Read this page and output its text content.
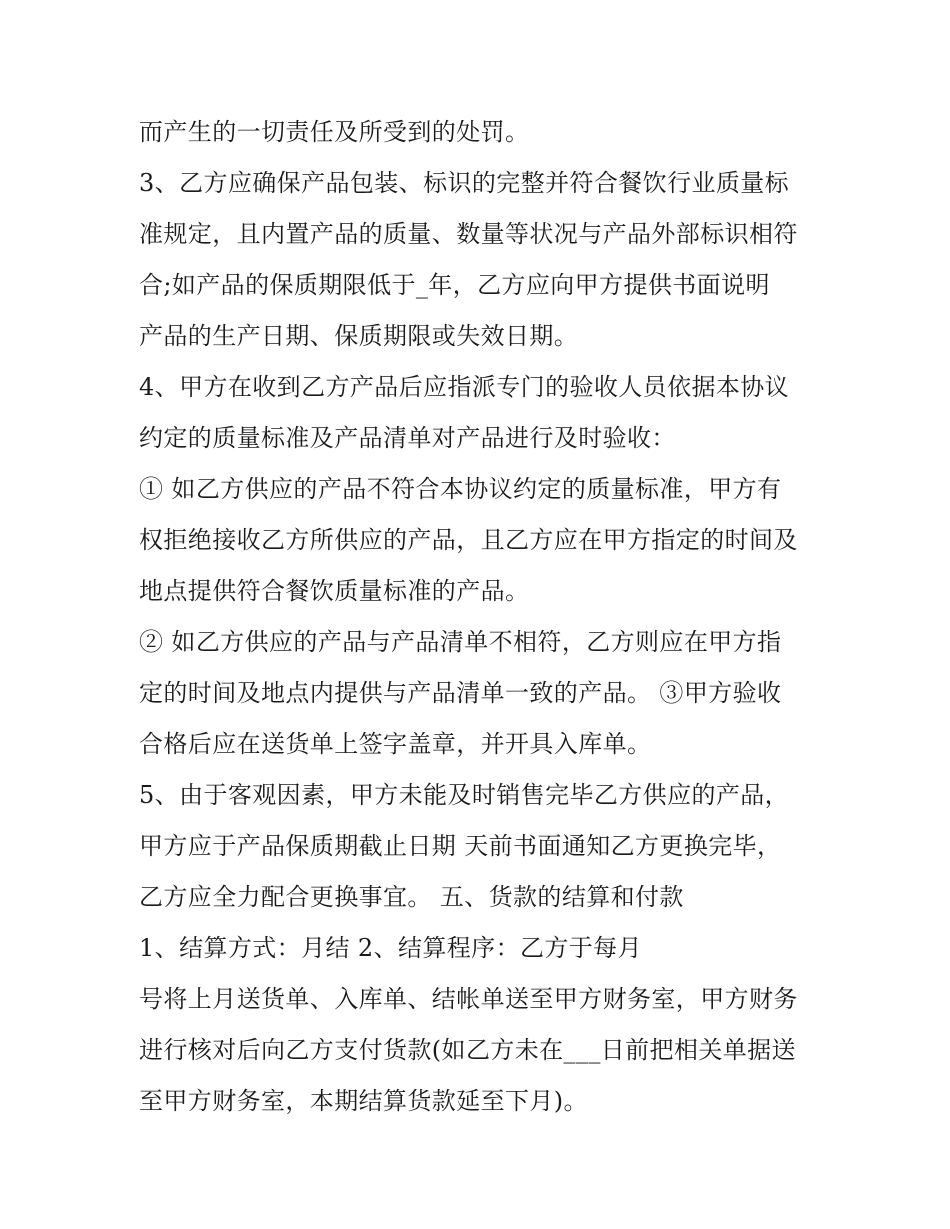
而产生的一切责任及所受到的处罚。
3、乙方应确保产品包装、标识的完整并符合餐饮行业质量标
准规定，且内置产品的质量、数量等状况与产品外部标识相符
合;如产品的保质期限低于_年，乙方应向甲方提供书面说明
产品的生产日期、保质期限或失效日期。
4、甲方在收到乙方产品后应指派专门的验收人员依据本协议
约定的质量标准及产品清单对产品进行及时验收：
① 如乙方供应的产品不符合本协议约定的质量标准，甲方有
权拒绝接收乙方所供应的产品，且乙方应在甲方指定的时间及
地点提供符合餐饮质量标准的产品。
② 如乙方供应的产品与产品清单不相符，乙方则应在甲方指
定的时间及地点内提供与产品清单一致的产品。 ③甲方验收
合格后应在送货单上签字盖章，并开具入库单。
5、由于客观因素，甲方未能及时销售完毕乙方供应的产品，
甲方应于产品保质期截止日期 天前书面通知乙方更换完毕，
乙方应全力配合更换事宜。 五、货款的结算和付款
1、结算方式：月结 2、结算程序：乙方于每月
号将上月送货单、入库单、结帐单送至甲方财务室，甲方财务
进行核对后向乙方支付货款(如乙方未在___日前把相关单据送
至甲方财务室，本期结算货款延至下月)。
